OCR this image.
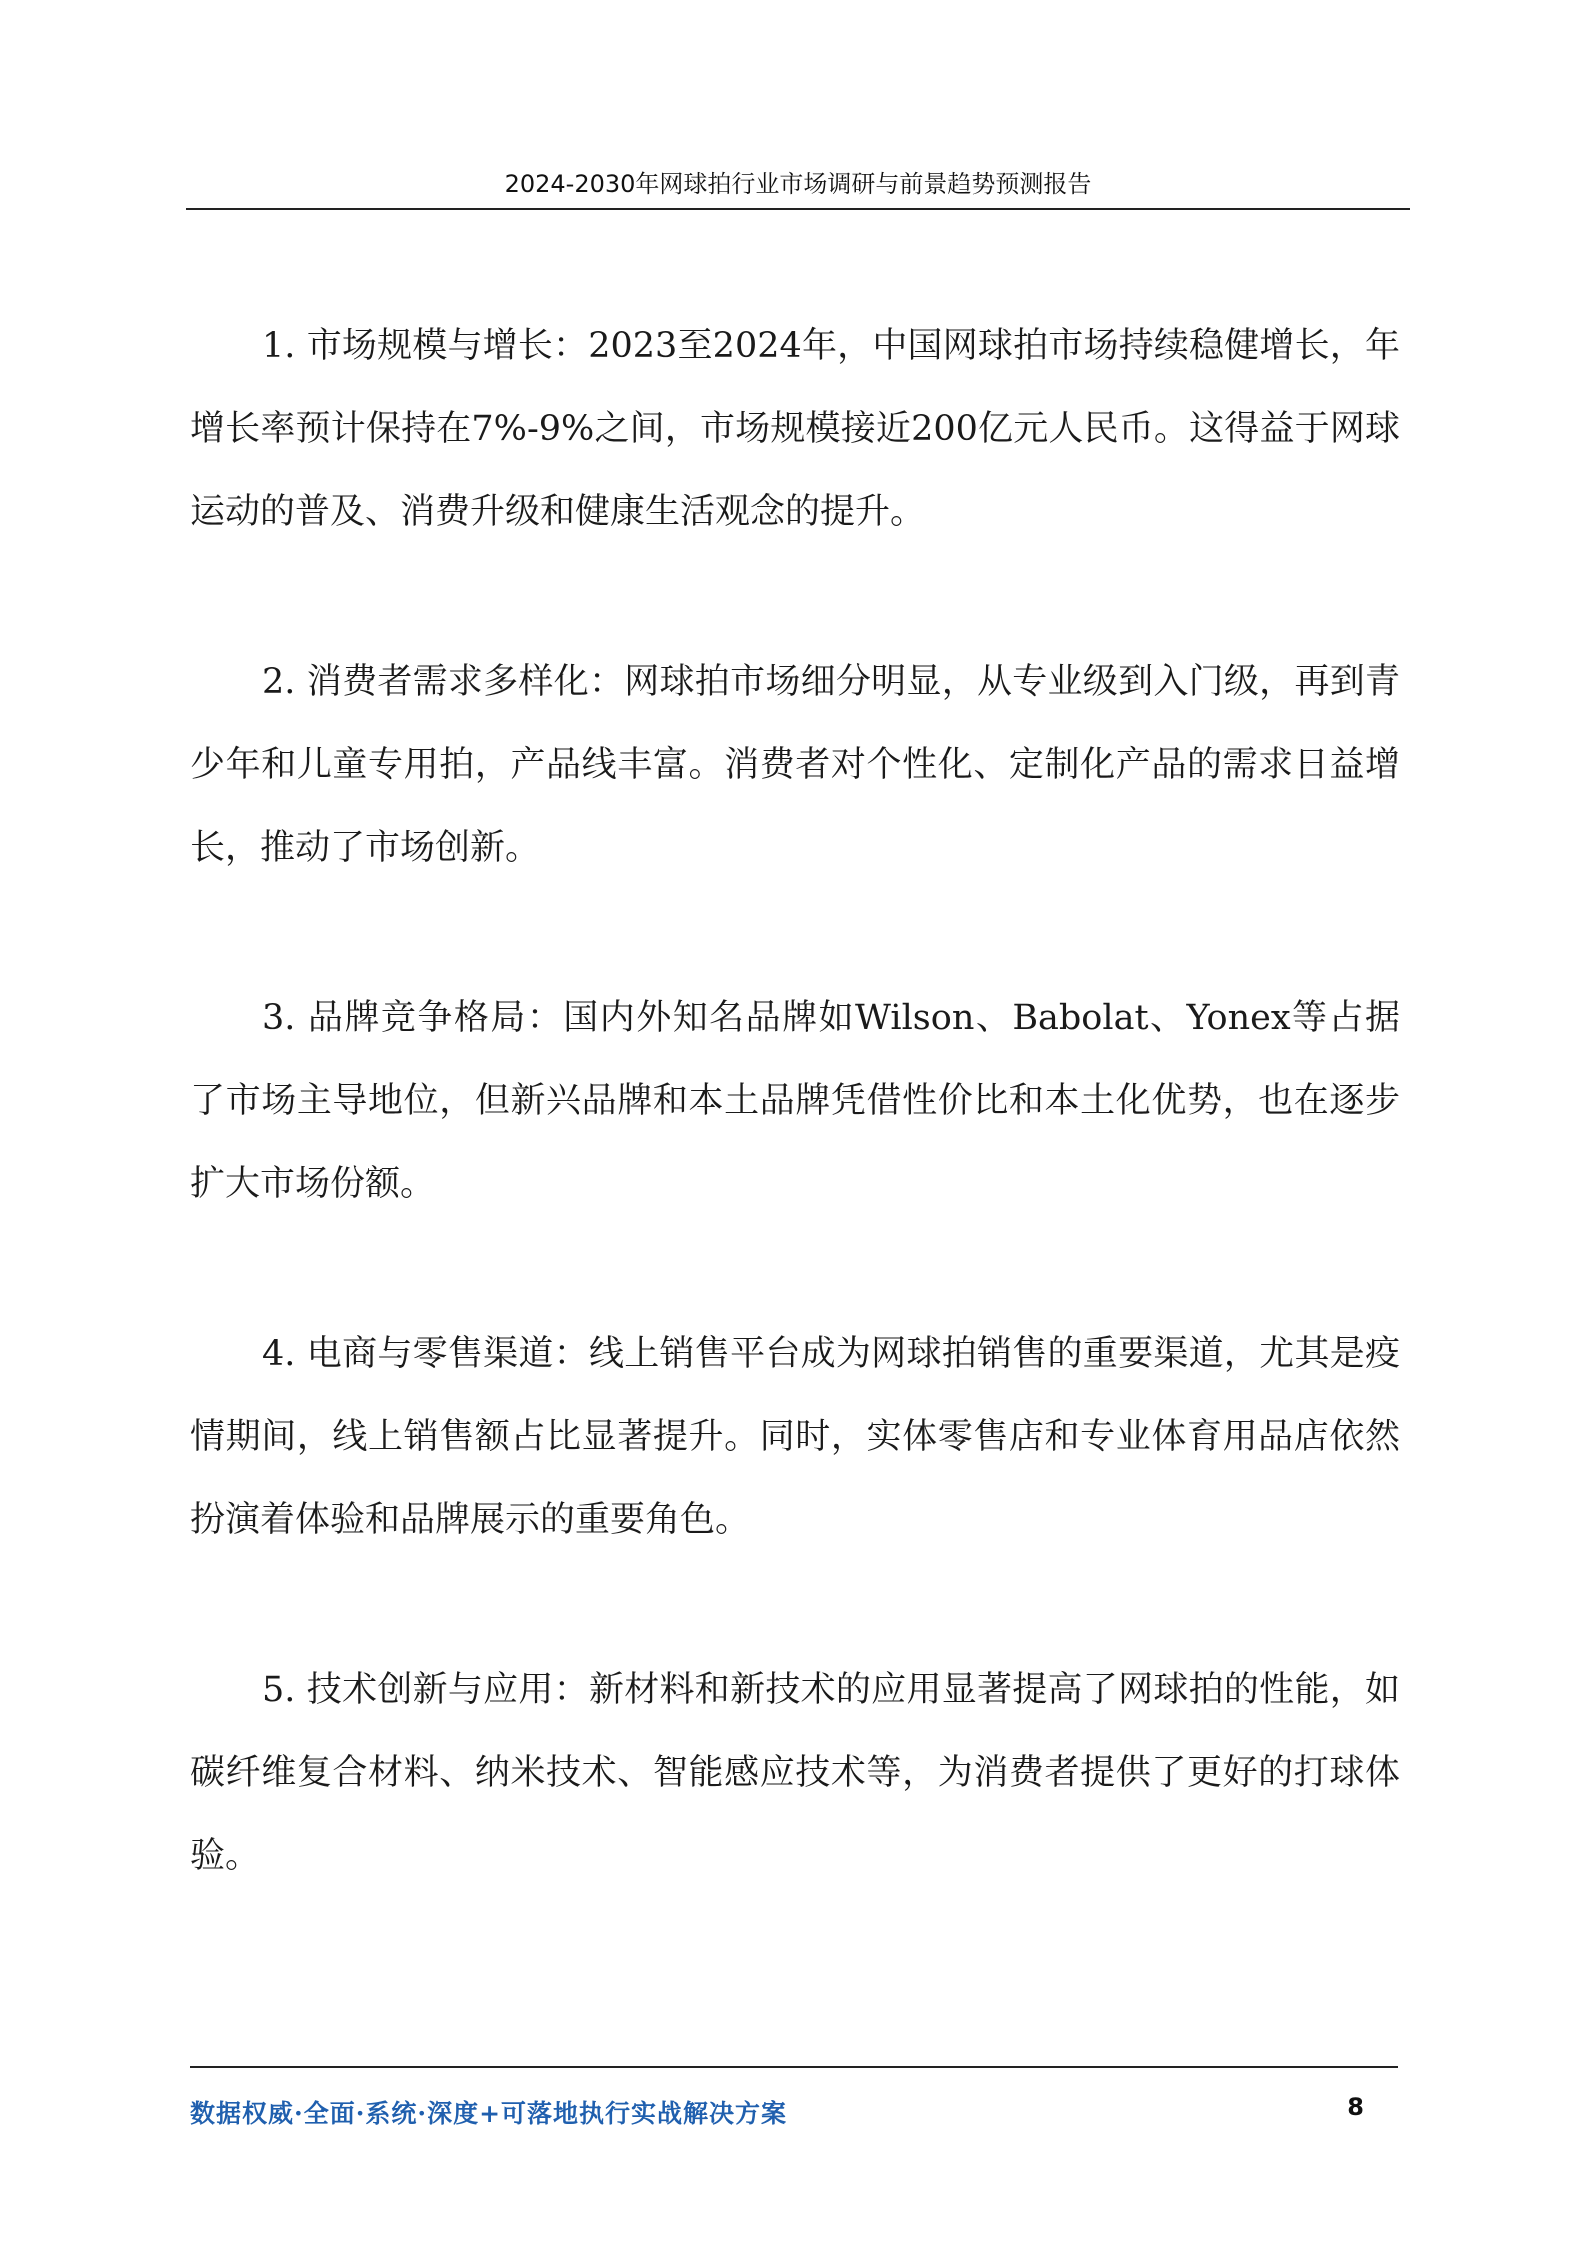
2024-2030年网球拍行业市场调研与前景趋势预测报告

1. 市场规模与增长：2023至2024年，中国网球拍市场持续稳健增长，年增长率预计保持在7%-9%之间，市场规模接近200亿元人民币。这得益于网球运动的普及、消费升级和健康生活观念的提升。

2. 消费者需求多样化：网球拍市场细分明显，从专业级到入门级，再到青少年和儿童专用拍，产品线丰富。消费者对个性化、定制化产品的需求日益增长，推动了市场创新。

3. 品牌竞争格局：国内外知名品牌如Wilson、Babolat、Yonex等占据了市场主导地位，但新兴品牌和本土品牌凭借性价比和本土化优势，也在逐步扩大市场份额。

4. 电商与零售渠道：线上销售平台成为网球拍销售的重要渠道，尤其是疫情期间，线上销售额占比显著提升。同时，实体零售店和专业体育用品店依然扮演着体验和品牌展示的重要角色。

5. 技术创新与应用：新材料和新技术的应用显著提高了网球拍的性能，如碳纤维复合材料、纳米技术、智能感应技术等，为消费者提供了更好的打球体验。

数据权威·全面·系统·深度+可落地执行实战解决方案	8
